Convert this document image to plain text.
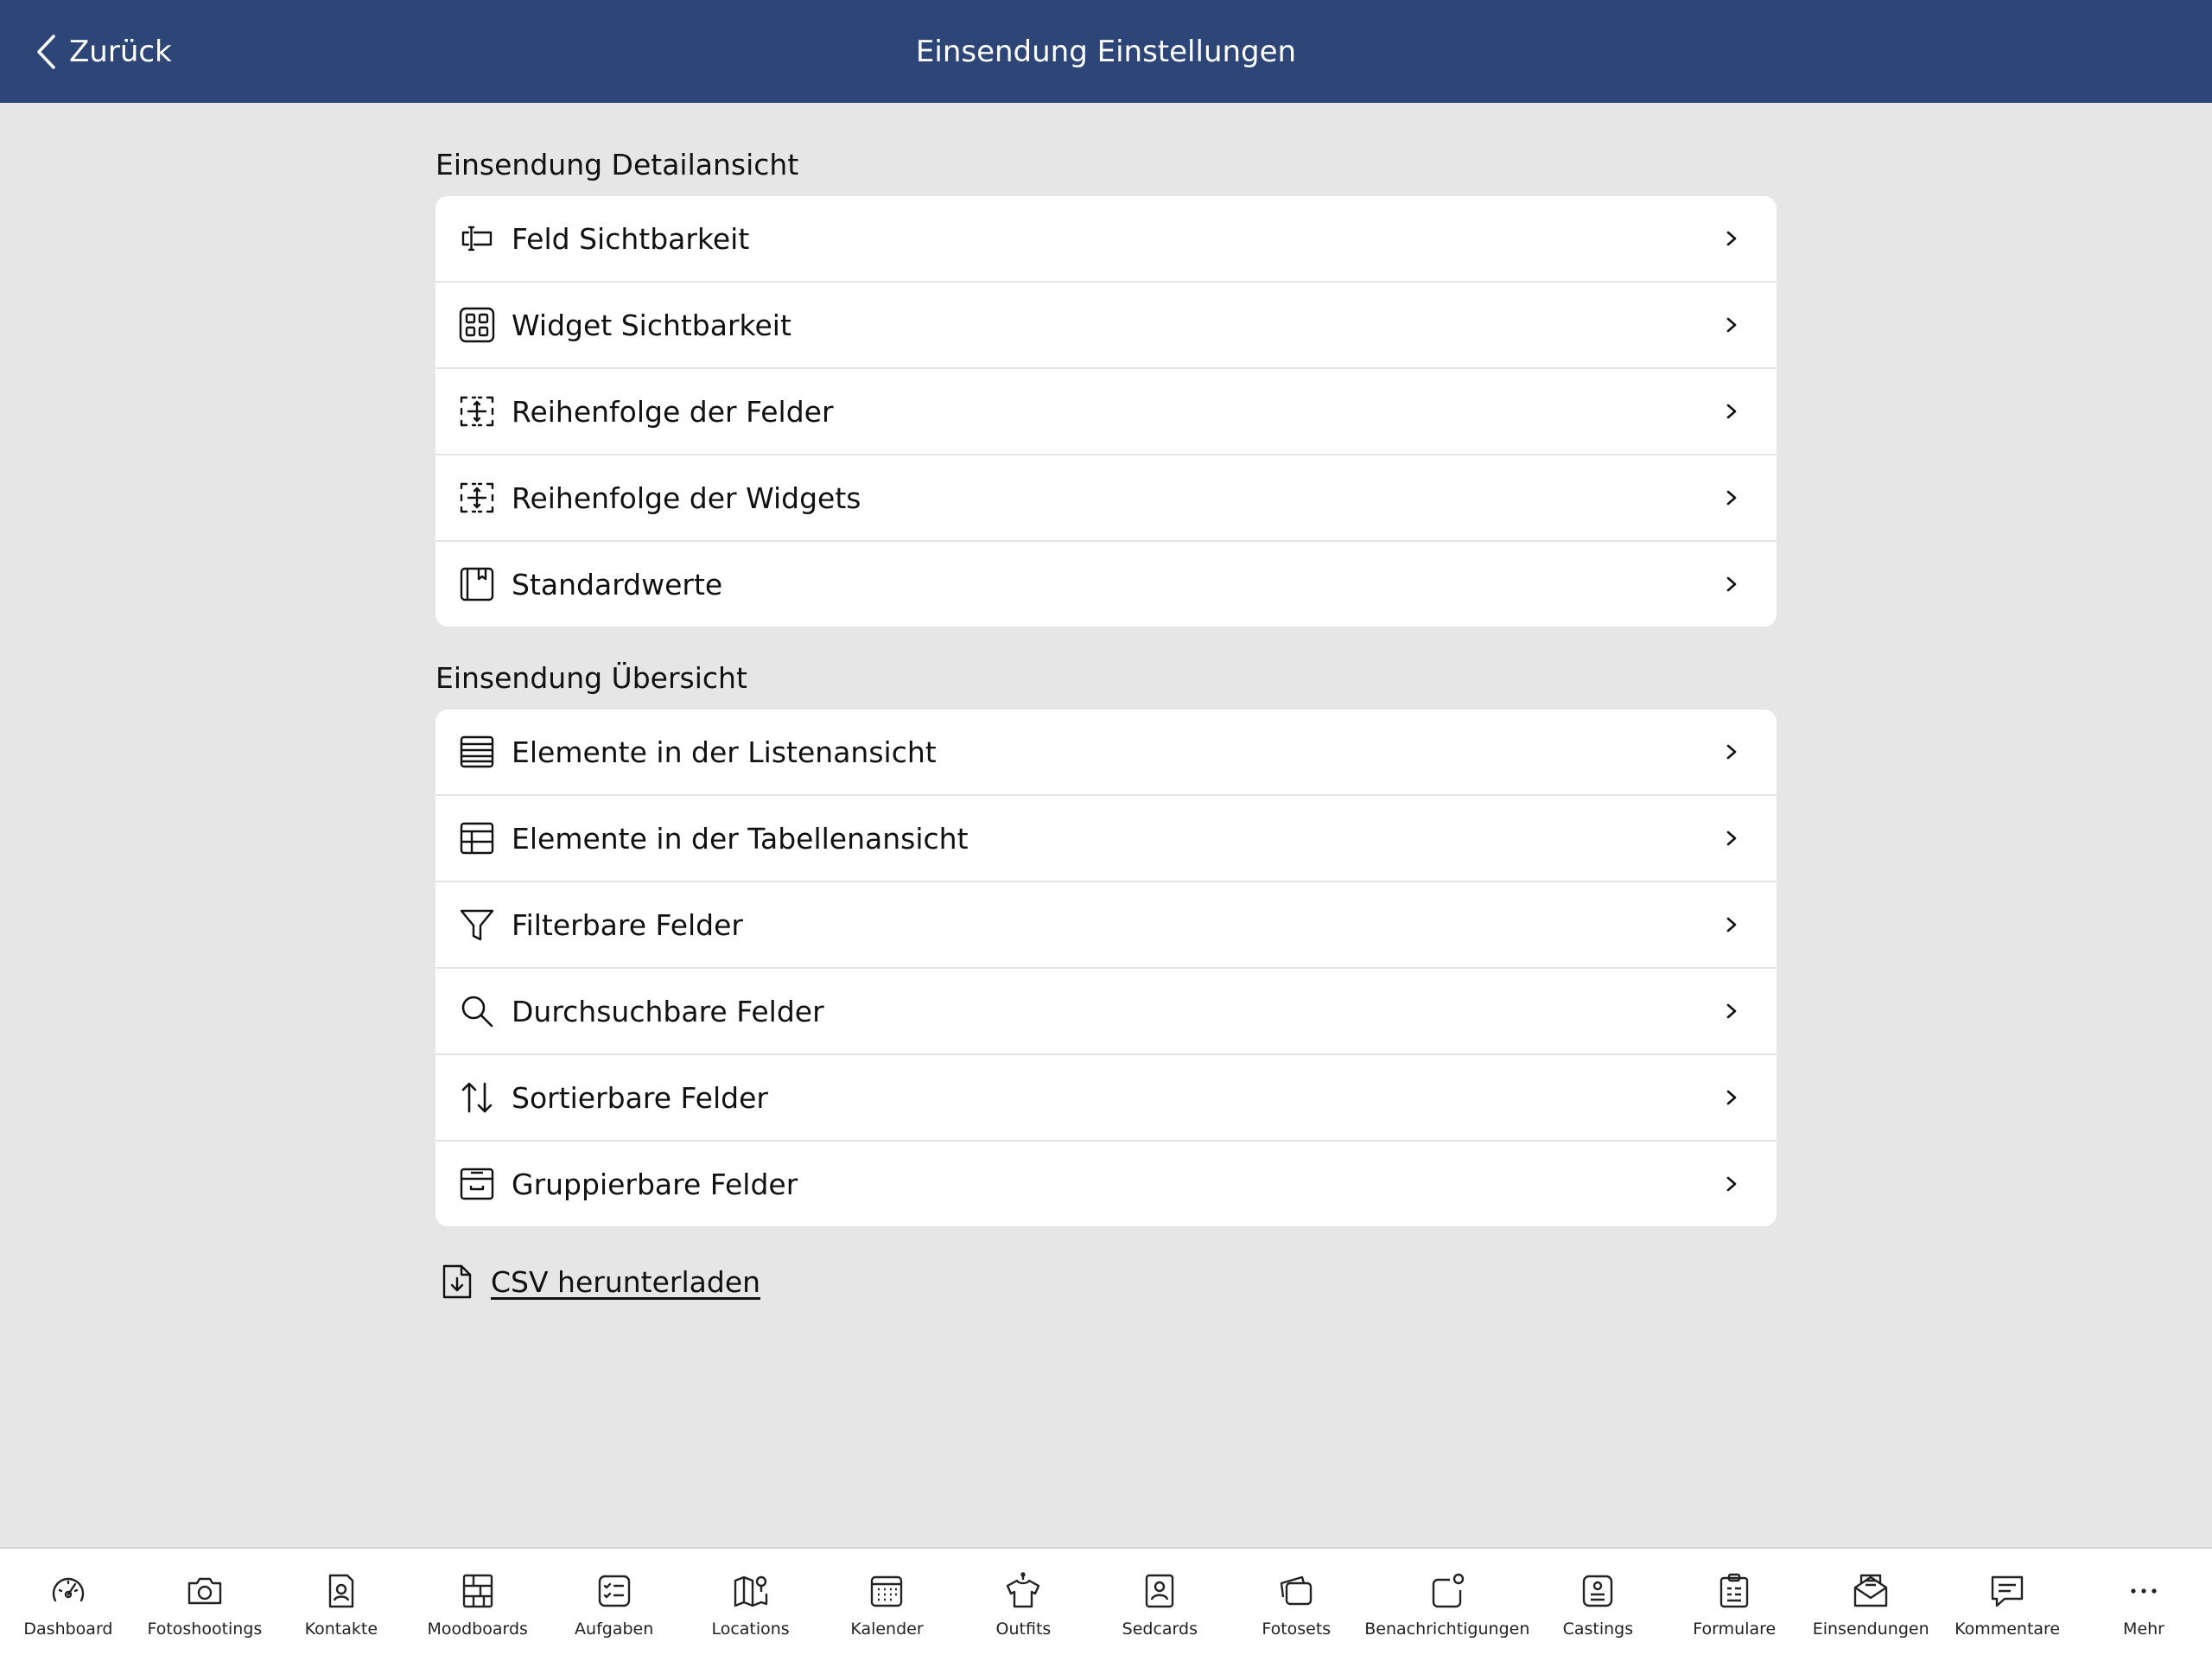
Zurück	Einsendung Einstellungen
Einsendung Detailansicht
Feld Sichtbarkeit
Widget Sichtbarkeit
Reihenfolge der Felder
Reihenfolge der Widgets
Standardwerte
Einsendung Übersicht
Elemente in der Listenansicht
Elemente in der Tabellenansicht
Filterbare Felder
Durchsuchbare Felder
Sortierbare Felder
Gruppierbare Felder
CSV herunterladen
Dashboard Fotoshootings	Kontakte	Moodboards	Aufgaben	Locations	Kalender	Outfits	Sedcards	Fotosets Benachrichtigungen Castings	Formulare Einsendungen Kommentare	Mehr
